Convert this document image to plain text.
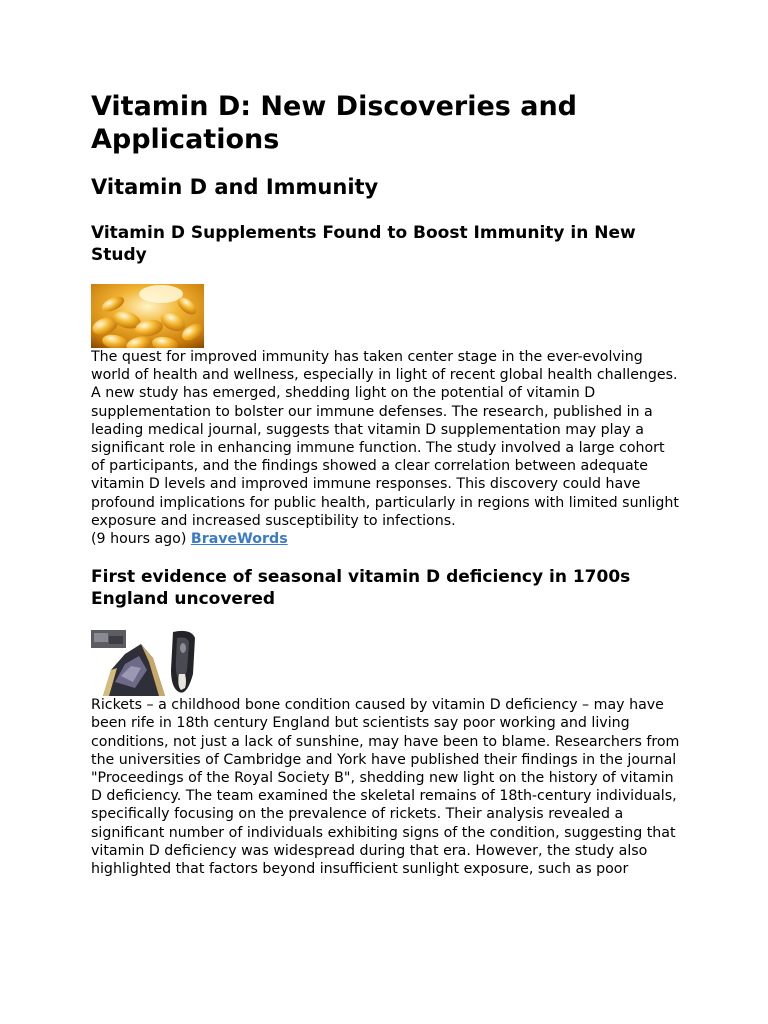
Vitamin D: New Discoveries and Applications
Vitamin D and Immunity
Vitamin D Supplements Found to Boost Immunity in New Study

The quest for improved immunity has taken center stage in the ever-evolving world of health and wellness, especially in light of recent global health challenges. A new study has emerged, shedding light on the potential of vitamin D supplementation to bolster our immune defenses. The research, published in a leading medical journal, suggests that vitamin D supplementation may play a significant role in enhancing immune function. The study involved a large cohort of participants, and the findings showed a clear correlation between adequate vitamin D levels and improved immune responses. This discovery could have profound implications for public health, particularly in regions with limited sunlight exposure and increased susceptibility to infections.

(9 hours ago) BraveWords
First evidence of seasonal vitamin D deficiency in 1700s England uncovered

Rickets – a childhood bone condition caused by vitamin D deficiency – may have been rife in 18th century England but scientists say poor working and living conditions, not just a lack of sunshine, may have been to blame. Researchers from the universities of Cambridge and York have published their findings in the journal "Proceedings of the Royal Society B", shedding new light on the history of vitamin D deficiency. The team examined the skeletal remains of 18th-century individuals, specifically focusing on the prevalence of rickets. Their analysis revealed a significant number of individuals exhibiting signs of the condition, suggesting that vitamin D deficiency was widespread during that era. However, the study also highlighted that factors beyond insufficient sunlight exposure, such as poor
